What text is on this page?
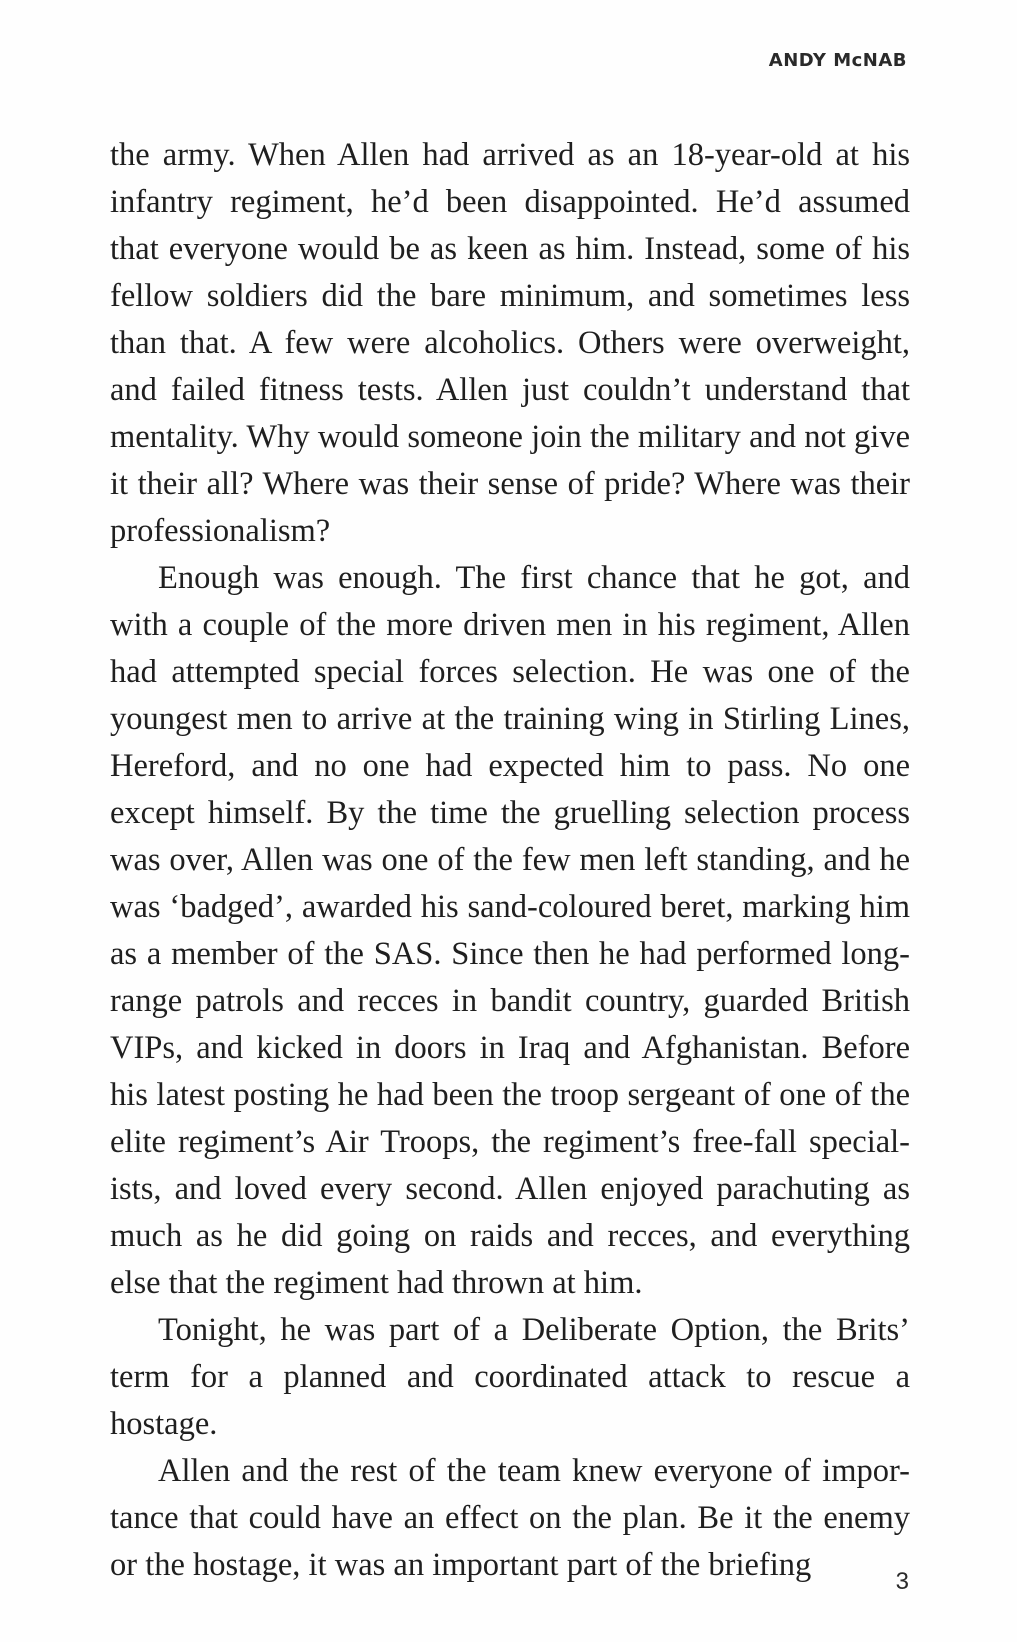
ANDY McNAB

the army. When Allen had arrived as an 18-year-old at his infantry regiment, he’d been disappointed. He’d assumed that everyone would be as keen as him. Instead, some of his fellow soldiers did the bare minimum, and sometimes less than that. A few were alcoholics. Others were overweight, and failed fitness tests. Allen just couldn’t understand that mentality. Why would someone join the military and not give it their all? Where was their sense of pride? Where was their professionalism?

Enough was enough. The first chance that he got, and with a couple of the more driven men in his regiment, Allen had attempted special forces selection. He was one of the youngest men to arrive at the training wing in Stirling Lines, Hereford, and no one had expected him to pass. No one except himself. By the time the gruelling selection process was over, Allen was one of the few men left standing, and he was ‘badged’, awarded his sand-coloured beret, marking him as a member of the SAS. Since then he had performed long-range patrols and recces in bandit country, guarded British VIPs, and kicked in doors in Iraq and Afghanistan. Before his latest posting he had been the troop sergeant of one of the elite regiment’s Air Troops, the regiment’s free-fall special-ists, and loved every second. Allen enjoyed parachuting as much as he did going on raids and recces, and everything else that the regiment had thrown at him.

Tonight, he was part of a Deliberate Option, the Brits’ term for a planned and coordinated attack to rescue a hostage.

Allen and the rest of the team knew everyone of impor-tance that could have an effect on the plan. Be it the enemy or the hostage, it was an important part of the briefing	3
